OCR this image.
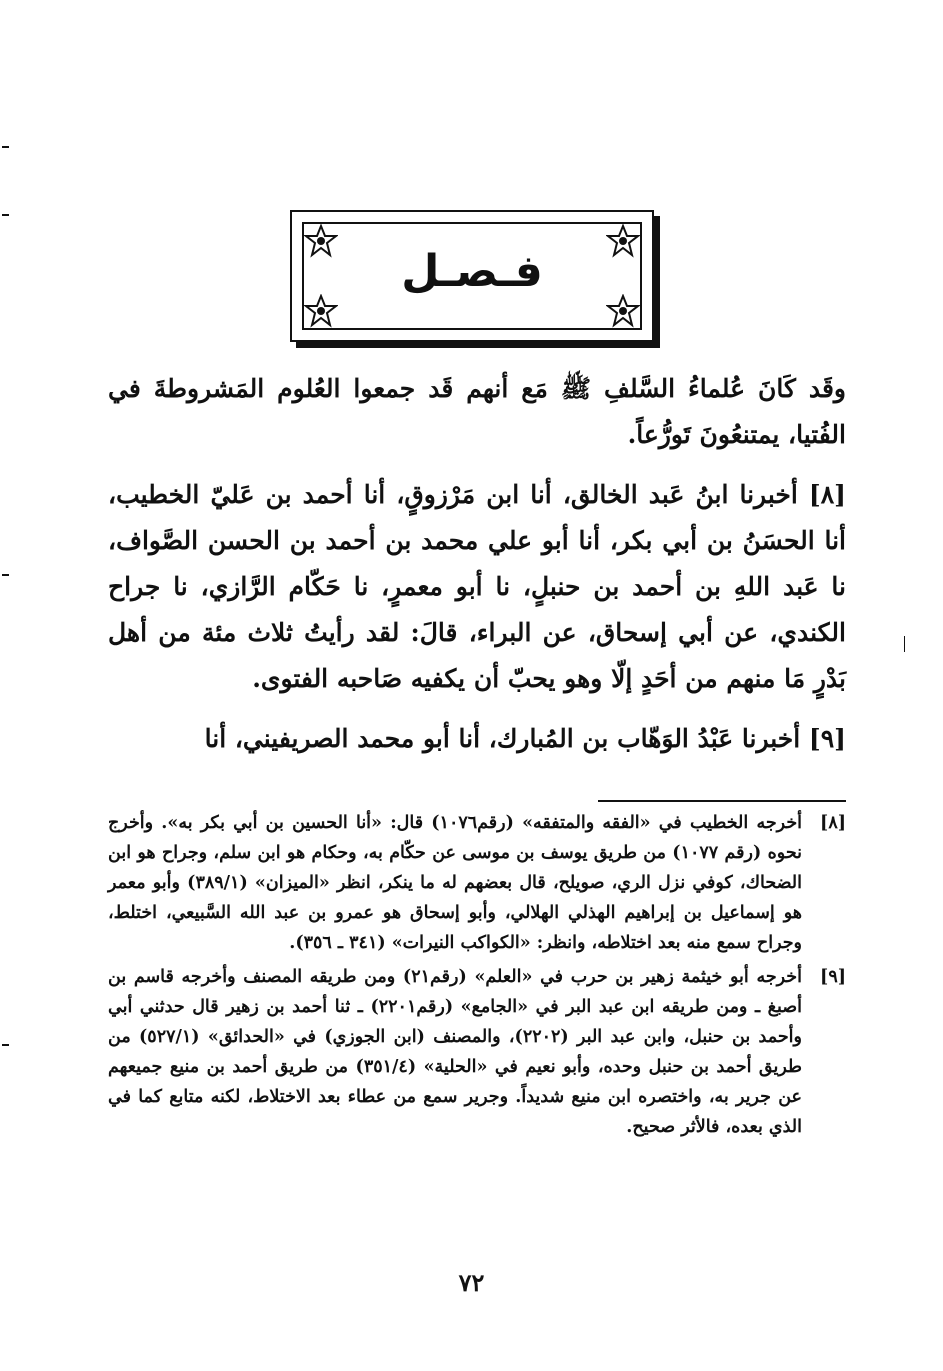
فـصـل

وقَد كَانَ عُلماءُ السَّلفِ ﷺ مَع أنهم قَد جمعوا العُلوم المَشروطةَ في الفُتيا، يمتنعُونَ تَورُّعاً.

[٨] أخبرنا ابنُ عَبد الخالق، أنا ابن مَرْزوقٍ، أنا أحمد بن عَليّ الخطيب، أنا الحسَنُ بن أبي بكر، أنا أبو علي محمد بن أحمد بن الحسن الصَّواف، نا عَبد اللهِ بن أحمد بن حنبلٍ، نا أبو معمرٍ، نا حَكّام الرَّازي، نا جراح الكندي، عن أبي إسحاق، عن البراء، قالَ: لقد رأيتُ ثلاث مئة من أهل بَدْرٍ مَا منهم من أحَدٍ إلّا وهو يحبّ أن يكفيه صَاحبه الفتوى.

[٩] أخبرنا عَبْدُ الوَهّاب بن المُبارك، أنا أبو محمد الصريفيني، أنا

[٨]
أخرجه الخطيب في «الفقه والمتفقه» (رقم١٠٧٦) قال: «أنا الحسين بن أبي بكر به». وأخرج نحوه (رقم ١٠٧٧) من طريق يوسف بن موسى عن حكّام به، وحكام هو ابن سلم، وجراح هو ابن الضحاك، كوفي نزل الري، صويلح، قال بعضهم له ما ينكر، انظر «الميزان» (٣٨٩/١) وأبو معمر هو إسماعيل بن إبراهيم الهذلي الهلالي، وأبو إسحاق هو عمرو بن عبد الله السَّبيعي، اختلط، وجراح سمع منه بعد اختلاطه، وانظر: «الكواكب النيرات» (٣٤١ ـ ٣٥٦).
[٩]
أخرجه أبو خيثمة زهير بن حرب في «العلم» (رقم٢١) ومن طريقه المصنف وأخرجه قاسم بن أصبغ ـ ومن طريقه ابن عبد البر في «الجامع» (رقم٢٢٠١) ـ ثنا أحمد بن زهير قال حدثني أبي وأحمد بن حنبل، وابن عبد البر (٢٢٠٢)، والمصنف (ابن الجوزي) في «الحدائق» (٥٢٧/١) من طريق أحمد بن حنبل وحده، وأبو نعيم في «الحلية» (٣٥١/٤) من طريق أحمد بن منيع جميعهم عن جرير به، واختصره ابن منيع شديداً. وجرير سمع من عطاء بعد الاختلاط، لكنه متابع كما في الذي بعده، فالأثر صحيح.
٧٢
